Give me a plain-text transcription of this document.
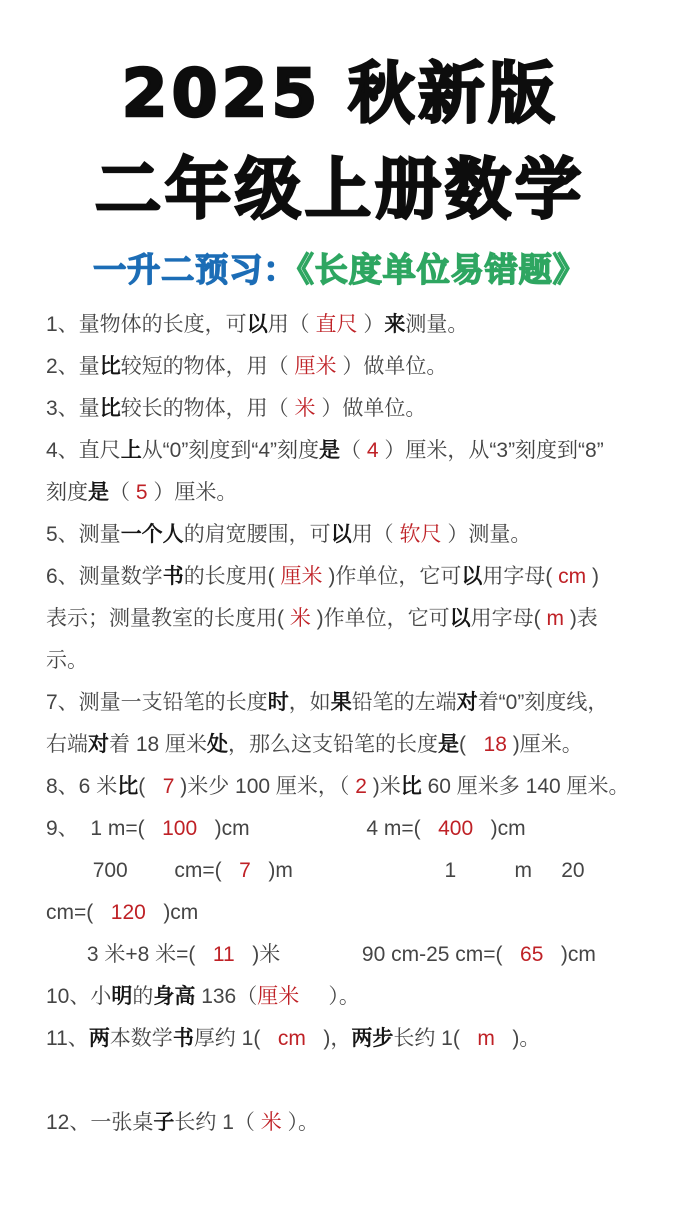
2025 秋新版
二年级上册数学
一升二预习：《长度单位易错题》
1、量物体的长度，可以用（ 直尺 ）来测量。
2、量比较短的物体，用（ 厘米 ）做单位。
3、量比较长的物体，用（ 米 ）做单位。
4、直尺上从“0”刻度到“4”刻度是（ 4 ）厘米，从“3”刻度到“8”
刻度是（ 5 ）厘米。
5、测量一个人的肩宽腰围，可以用（ 软尺 ）测量。
6、测量数学书的长度用( 厘米 )作单位，它可以用字母( cm )
表示；测量教室的长度用( 米 )作单位，它可以用字母( m )表
示。
7、测量一支铅笔的长度时，如果铅笔的左端对着“0”刻度线，
右端对着 18 厘米处，那么这支铅笔的长度是(   18 )厘米。
8、6 米比(   7 )米少 100 厘米，（ 2 )米比 60 厘米多 140 厘米。
9、  1 m=(   100   )cm                    4 m=(   400   )cm
700        cm=(   7   )m                          1          m     20
cm=(   120   )cm
3 米+8 米=(   11   )米              90 cm-25 cm=(   65   )cm
10、小明的身高 136（厘米     ）。
11、两本数学书厚约 1(   cm   )，两步长约 1(   m   )。
12、一张桌子长约 1（ 米 ）。
